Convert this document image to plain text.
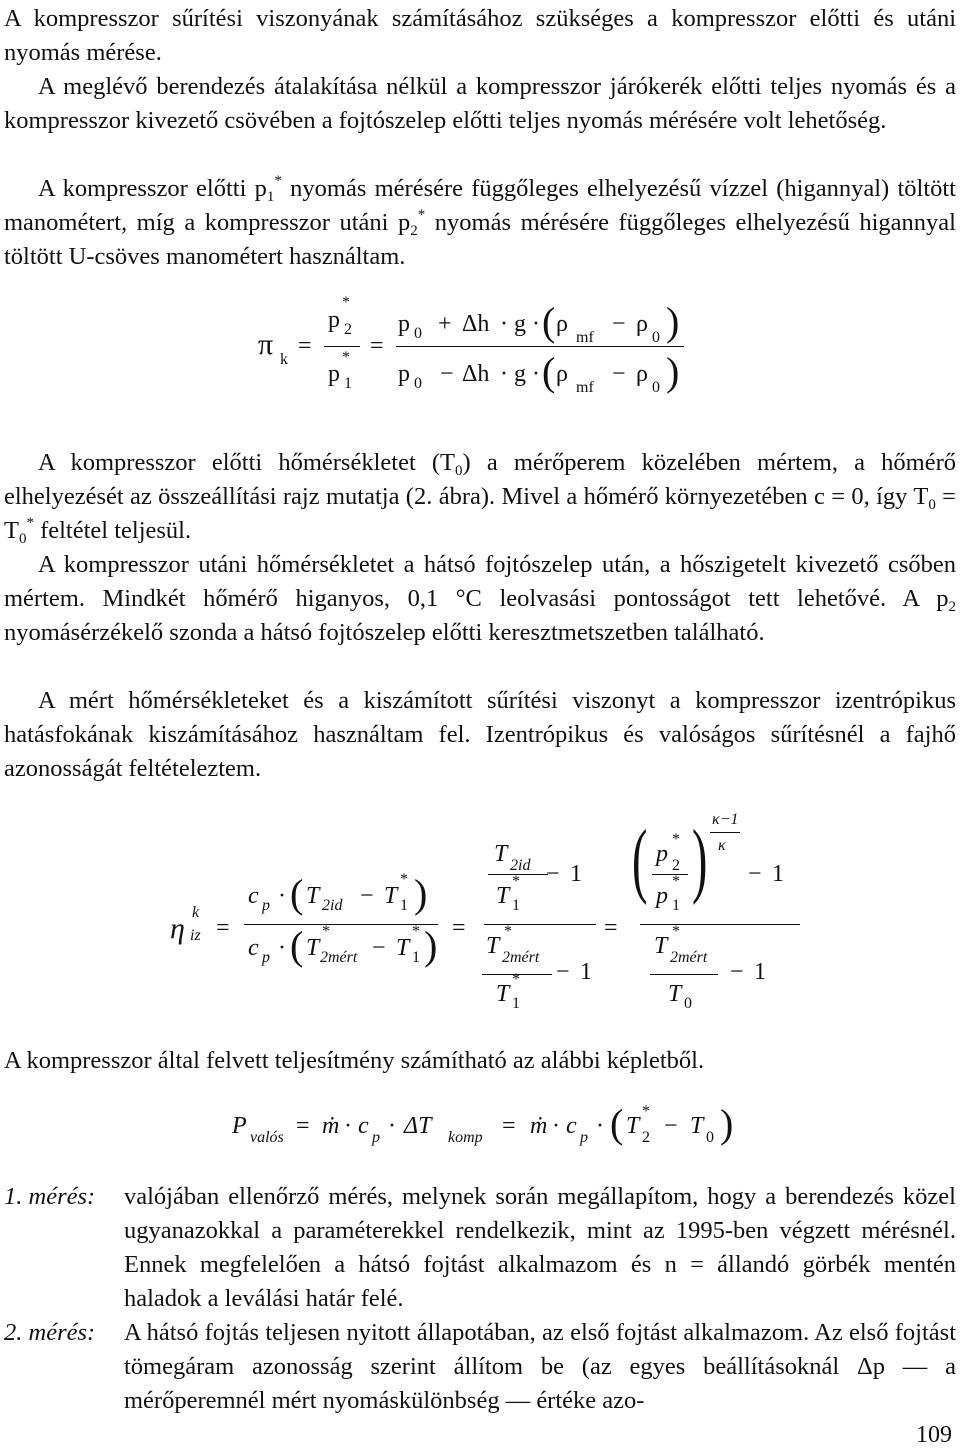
A kompresszor sűrítési viszonyának számításához szükséges a kompresszor előtti és utáni nyomás mérése.

A meglévő berendezés átalakítása nélkül a kompresszor járókerék előtti teljes nyomás és a kompresszor kivezető csövében a fojtószelep előtti teljes nyomás mérésére volt lehetőség.

A kompresszor előtti $p_1^*$ nyomás mérésére függőleges elhelyezésű vízzel (higannyal) töltött manométert, míg a kompresszor utáni $p_2^*$ nyomás mérésére függőleges elhelyezésű higannyal töltött U-csöves manométert használtam.

π k
=
p 2
*
p 1
* =
p 0 + Δh · g · ( ρ
mf
− ρ
0 )
p 0 − Δh · g · ( ρ
mf
− ρ
0 )

A kompresszor előtti hőmérsékletet $(T_0)$ a mérőperem közelében mértem, a hőmérő elhelyezését az összeállítási rajz mutatja (2. ábra). Mivel a hőmérő környezetében c = 0, így $T_0 = T_0^*$ feltétel teljesül.

A kompresszor utáni hőmérsékletet a hátsó fojtószelep után, a hőszigetelt kivezető csőben mértem. Mindkét hőmérő higanyos, 0,1 °C leolvasási pontosságot tett lehetővé. A $p_2$ nyomásérzékelő szonda a hátsó fojtószelep előtti keresztmetszetben található.

A mért hőmérsékleteket és a kiszámított sűrítési viszonyt a kompresszor izentrópikus hatásfokának kiszámításához használtam fel. Izentrópikus és valóságos sűrítésnél a fajhő azonosságát feltételeztem.

η k
iz =
c p · ( T 2id − T 1
* )
c p · ( T
*
2mért − T 1
* ) =
T 2id
T 1
* − 1
T
*
2mért
T 1
* − 1
=
( p 2
*
p 1
* ) κ−1
κ
− 1
T
*
2mért
T 0
− 1

A kompresszor által felvett teljesítmény számítható az alábbi képletből.

P valós = ṁ · c p · ΔT komp = ṁ · c p · ( T 2
*
− T 0 )
1. mérés: valójában ellenőrző mérés, melynek során megállapítom, hogy a berendezés közel ugyanazokkal a paraméterekkel rendelkezik, mint az 1995-ben végzett mérésnél. Ennek megfelelően a hátsó fojtást alkalmazom és n = állandó görbék mentén haladok a leválási határ felé.

2. mérés: A hátsó fojtás teljesen nyitott állapotában, az első fojtást alkalmazom. Az első fojtást tömegáram azonosság szerint állítom be (az egyes beállításoknál Δp — a mérőperemnél mért nyomáskülönbség — értéke azo-

109
